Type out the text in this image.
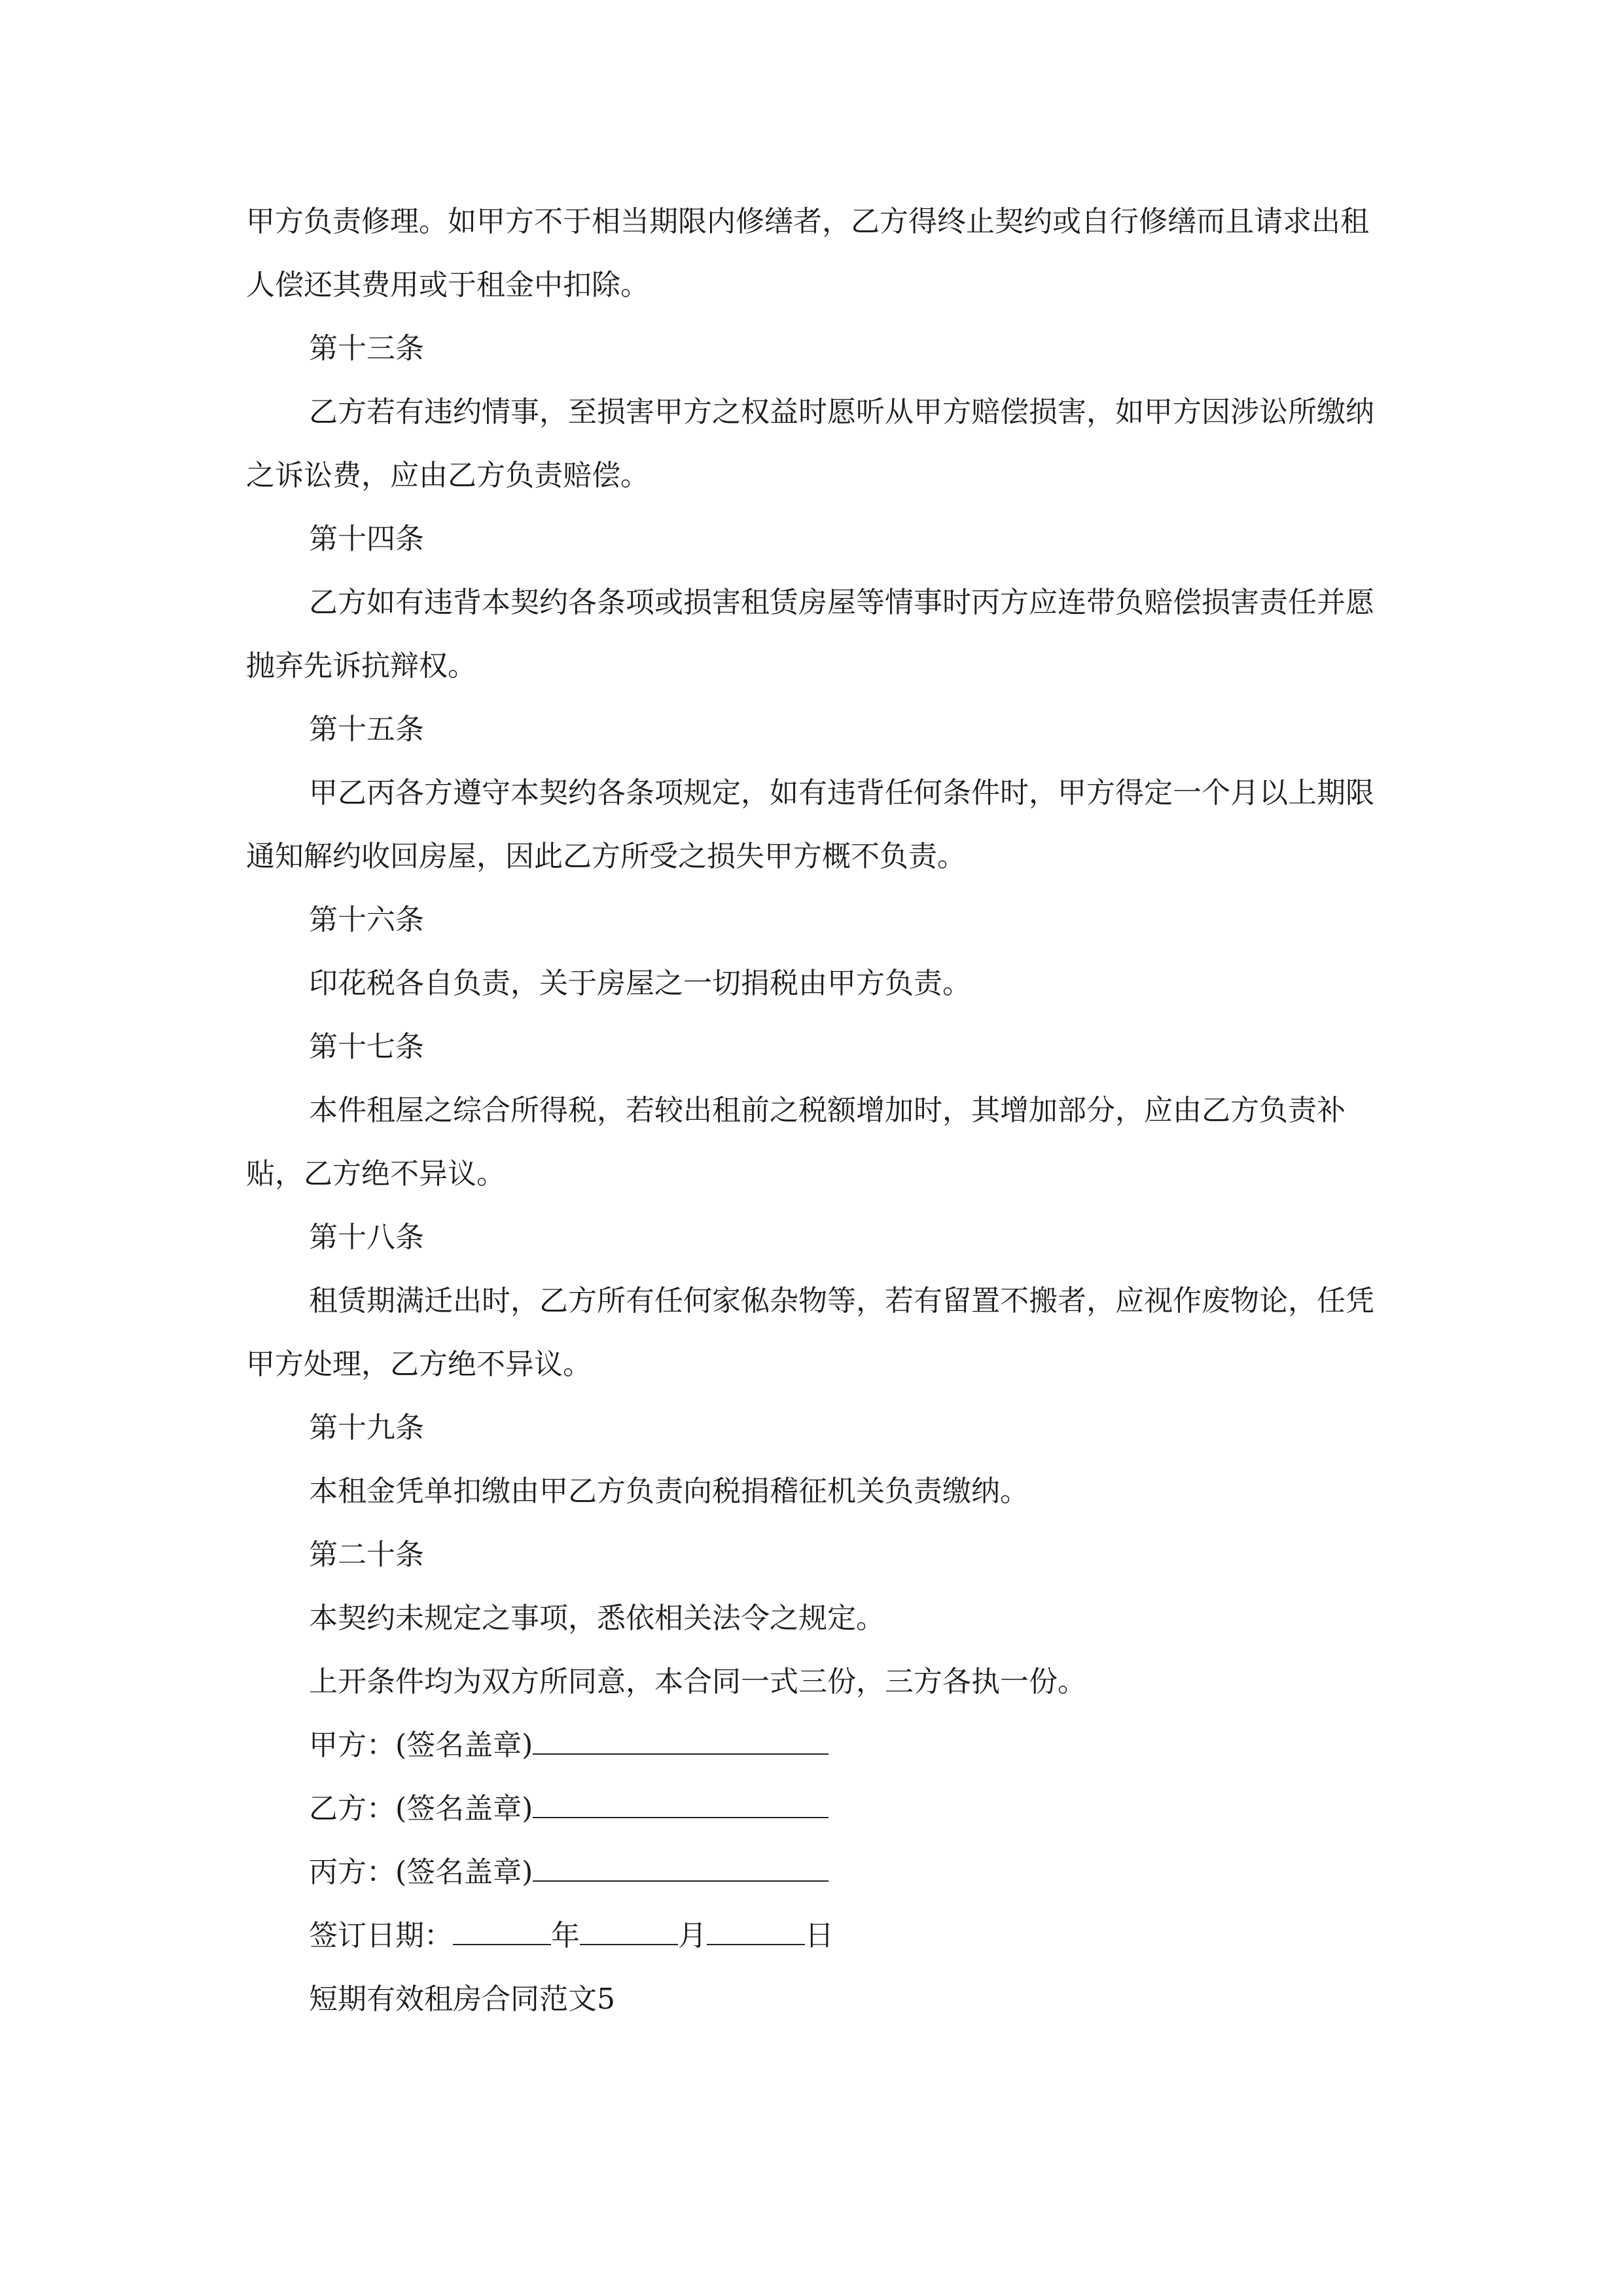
甲方负责修理。如甲方不于相当期限内修缮者，乙方得终止契约或自行修缮而且请求出租人偿还其费用或于租金中扣除。

第十三条

乙方若有违约情事，至损害甲方之权益时愿听从甲方赔偿损害，如甲方因涉讼所缴纳之诉讼费，应由乙方负责赔偿。

第十四条

乙方如有违背本契约各条项或损害租赁房屋等情事时丙方应连带负赔偿损害责任并愿抛弃先诉抗辩权。

第十五条

甲乙丙各方遵守本契约各条项规定，如有违背任何条件时，甲方得定一个月以上期限通知解约收回房屋，因此乙方所受之损失甲方概不负责。

第十六条

印花税各自负责，关于房屋之一切捐税由甲方负责。

第十七条

本件租屋之综合所得税，若较出租前之税额增加时，其增加部分，应由乙方负责补贴，乙方绝不异议。

第十八条

租赁期满迁出时，乙方所有任何家俬杂物等，若有留置不搬者，应视作废物论，任凭甲方处理，乙方绝不异议。

第十九条

本租金凭单扣缴由甲乙方负责向税捐稽征机关负责缴纳。

第二十条

本契约未规定之事项，悉依相关法令之规定。

上开条件均为双方所同意，本合同一式三份，三方各执一份。

甲方：(签名盖章)

乙方：(签名盖章)

丙方：(签名盖章)

签订日期：	年	月	日

短期有效租房合同范文5
